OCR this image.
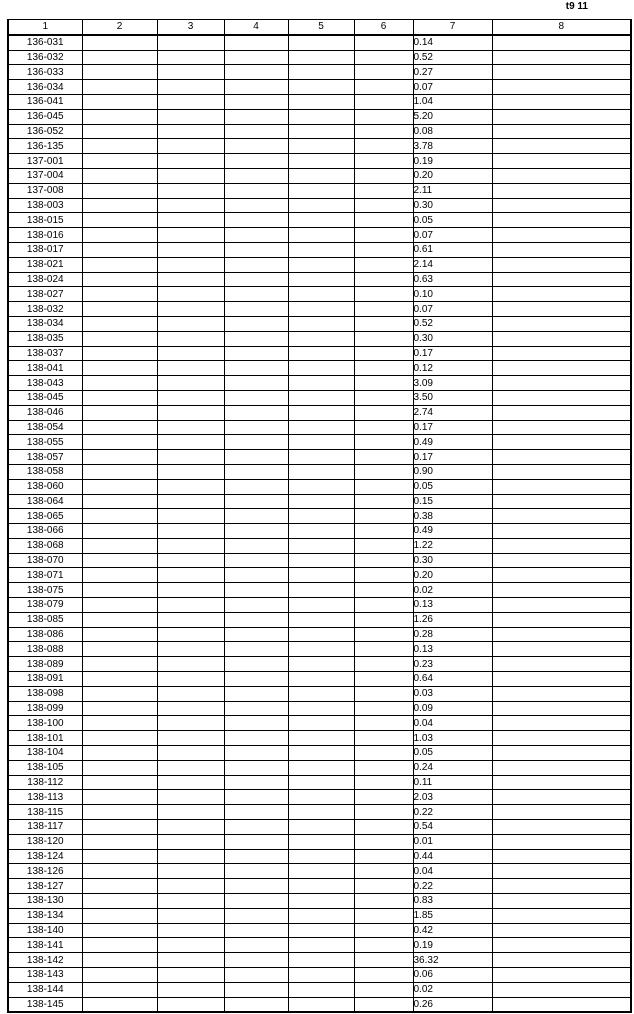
t9 11
1	2	3	4	5	6	7	8
136-031						0.14	
136-032						0.52	
136-033						0.27	
136-034						0.07	
136-041						1.04	
136-045						5.20	
136-052						0.08	
136-135						3.78	
137-001						0.19	
137-004						0.20	
137-008						2.11	
138-003						0.30	
138-015						0.05	
138-016						0.07	
138-017						0.61	
138-021						2.14	
138-024						0.63	
138-027						0.10	
138-032						0.07	
138-034						0.52	
138-035						0.30	
138-037						0.17	
138-041						0.12	
138-043						3.09	
138-045						3.50	
138-046						2.74	
138-054						0.17	
138-055						0.49	
138-057						0.17	
138-058						0.90	
138-060						0.05	
138-064						0.15	
138-065						0.38	
138-066						0.49	
138-068						1.22	
138-070						0.30	
138-071						0.20	
138-075						0.02	
138-079						0.13	
138-085						1.26	
138-086						0.28	
138-088						0.13	
138-089						0.23	
138-091						0.64	
138-098						0.03	
138-099						0.09	
138-100						0.04	
138-101						1.03	
138-104						0.05	
138-105						0.24	
138-112						0.11	
138-113						2.03	
138-115						0.22	
138-117						0.54	
138-120						0.01	
138-124						0.44	
138-126						0.04	
138-127						0.22	
138-130						0.83	
138-134						1.85	
138-140						0.42	
138-141						0.19	
138-142						36.32	
138-143						0.06	
138-144						0.02	
138-145						0.26	
